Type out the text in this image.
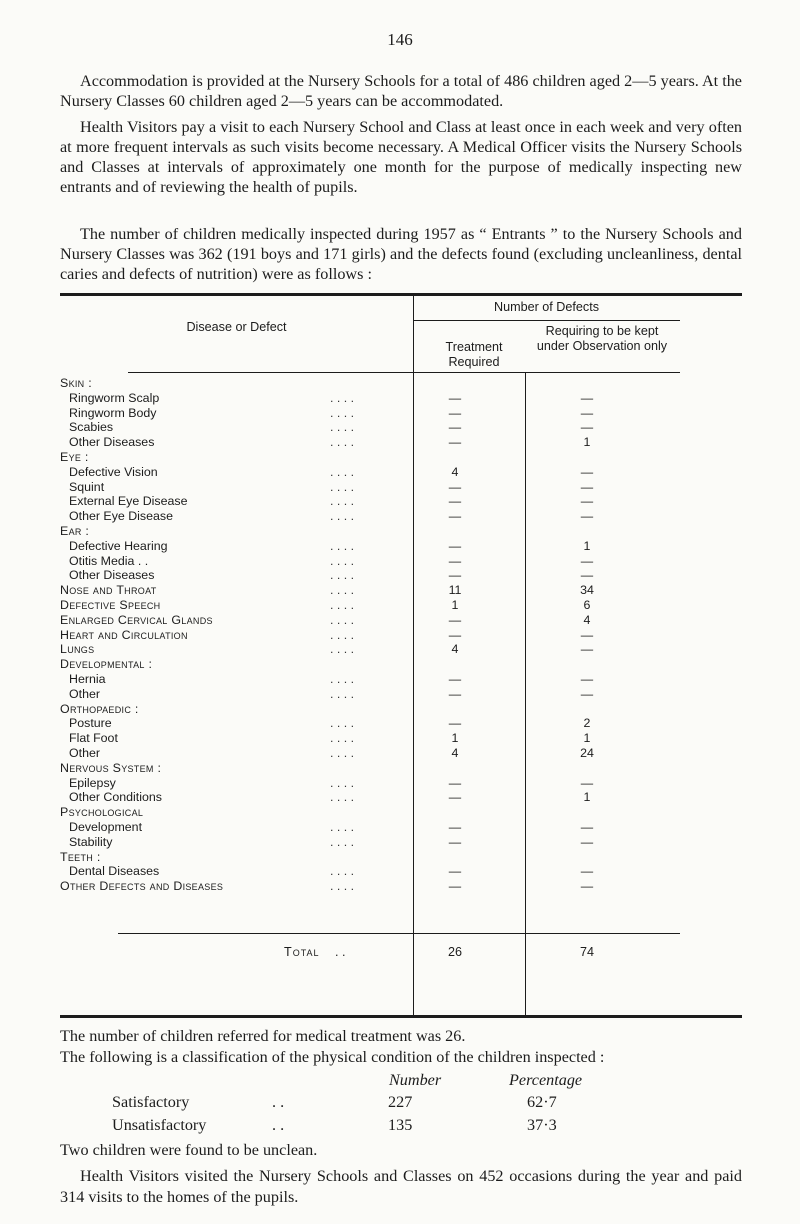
146

Accommodation is provided at the Nursery Schools for a total of 486 children aged 2—5 years. At the Nursery Classes 60 children aged 2—5 years can be accommodated.

Health Visitors pay a visit to each Nursery School and Class at least once in each week and very often at more frequent intervals as such visits become necessary. A Medical Officer visits the Nursery Schools and Classes at intervals of approximately one month for the purpose of medically inspecting new entrants and of reviewing the health of pupils.

The number of children medically inspected during 1957 as “ Entrants ” to the Nursery Schools and Nursery Classes was 362 (191 boys and 171 girls) and the defects found (excluding uncleanliness, dental caries and defects of nutrition) were as follows :

Disease or Defect
Number of Defects
Treatment Required
Requiring to be kept under Observation only
Skin :
Ringworm Scalp	. . . .	—	—
Ringworm Body	. . . .	—	—
Scabies	. . . .	—	—
Other Diseases	. . . .	—	1
Eye :
Defective Vision	. . . .	4	—
Squint	. . . .	—	—
External Eye Disease	. . . .	—	—
Other Eye Disease	. . . .	—	—
Ear :
Defective Hearing	. . . .	—	1
Otitis Media . .	. . . .	—	—
Other Diseases	. . . .	—	—
Nose and Throat	. . . .	11	34
Defective Speech	. . . .	1	6
Enlarged Cervical Glands	. . . .	—	4
Heart and Circulation	. . . .	—	—
Lungs	. . . .	4	—
Developmental :
Hernia	. . . .	—	—
Other	. . . .	—	—
Orthopaedic :
Posture	. . . .	—	2
Flat Foot	. . . .	1	1
Other	. . . .	4	24
Nervous System :
Epilepsy	. . . .	—	—
Other Conditions	. . . .	—	1
Psychological
Development	. . . .	—	—
Stability	. . . .	—	—
Teeth :
Dental Diseases	. . . .	—	—
Other Defects and Diseases	. . . .	—	—
Total . .	26	74

The number of children referred for medical treatment was 26.

The following is a classification of the physical condition of the children inspected :

Number	Percentage
Satisfactory	. .	227	62·7
Unsatisfactory	. .	135	37·3

Two children were found to be unclean.

Health Visitors visited the Nursery Schools and Classes on 452 occasions during the year and paid 314 visits to the homes of the pupils.
